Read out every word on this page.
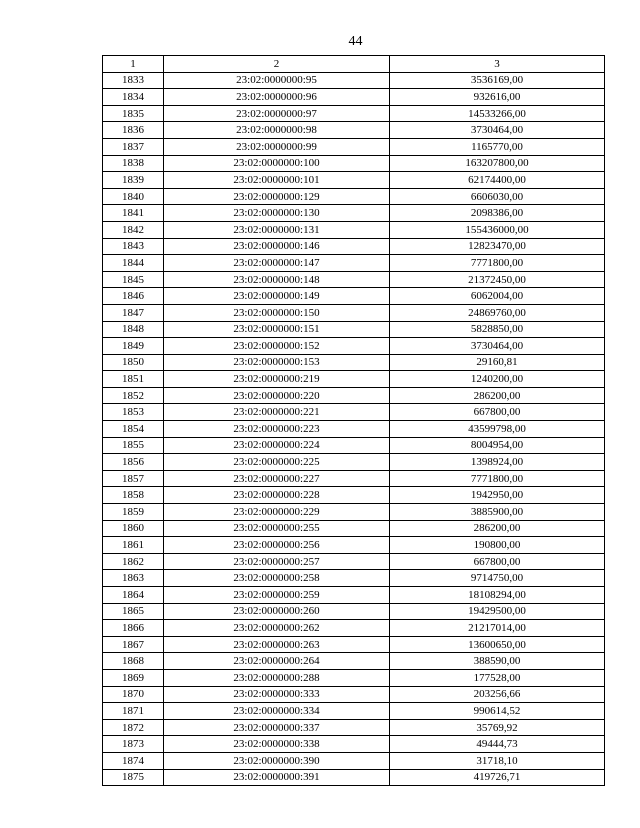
44
1	2	3
1833	23:02:0000000:95	3536169,00
1834	23:02:0000000:96	932616,00
1835	23:02:0000000:97	14533266,00
1836	23:02:0000000:98	3730464,00
1837	23:02:0000000:99	1165770,00
1838	23:02:0000000:100	163207800,00
1839	23:02:0000000:101	62174400,00
1840	23:02:0000000:129	6606030,00
1841	23:02:0000000:130	2098386,00
1842	23:02:0000000:131	155436000,00
1843	23:02:0000000:146	12823470,00
1844	23:02:0000000:147	7771800,00
1845	23:02:0000000:148	21372450,00
1846	23:02:0000000:149	6062004,00
1847	23:02:0000000:150	24869760,00
1848	23:02:0000000:151	5828850,00
1849	23:02:0000000:152	3730464,00
1850	23:02:0000000:153	29160,81
1851	23:02:0000000:219	1240200,00
1852	23:02:0000000:220	286200,00
1853	23:02:0000000:221	667800,00
1854	23:02:0000000:223	43599798,00
1855	23:02:0000000:224	8004954,00
1856	23:02:0000000:225	1398924,00
1857	23:02:0000000:227	7771800,00
1858	23:02:0000000:228	1942950,00
1859	23:02:0000000:229	3885900,00
1860	23:02:0000000:255	286200,00
1861	23:02:0000000:256	190800,00
1862	23:02:0000000:257	667800,00
1863	23:02:0000000:258	9714750,00
1864	23:02:0000000:259	18108294,00
1865	23:02:0000000:260	19429500,00
1866	23:02:0000000:262	21217014,00
1867	23:02:0000000:263	13600650,00
1868	23:02:0000000:264	388590,00
1869	23:02:0000000:288	177528,00
1870	23:02:0000000:333	203256,66
1871	23:02:0000000:334	990614,52
1872	23:02:0000000:337	35769,92
1873	23:02:0000000:338	49444,73
1874	23:02:0000000:390	31718,10
1875	23:02:0000000:391	419726,71
